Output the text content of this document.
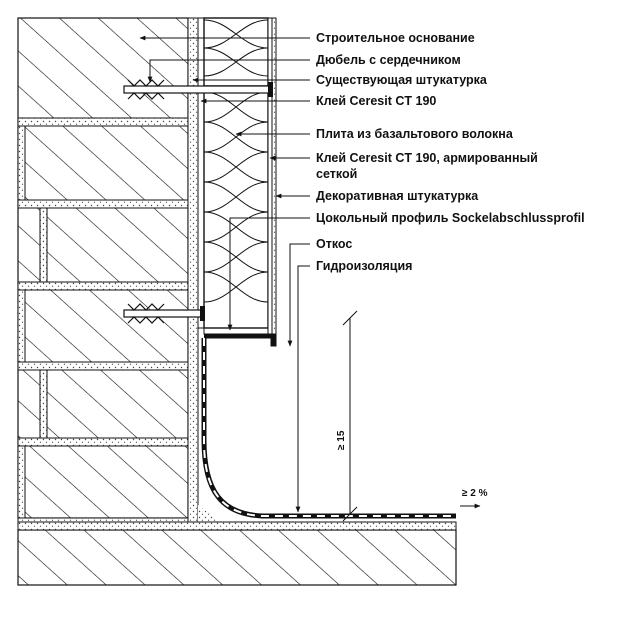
Строительное основание
Дюбель с сердечником
Существующая штукатурка
Клей Ceresit CT 190
Плита из базальтового волокна
Клей Ceresit CT 190, армированный
сеткой
Декоративная штукатурка
Цокольный профиль Sockelabschlussprofil
Откос
Гидроизоляция
≥ 15
≥ 2 %
